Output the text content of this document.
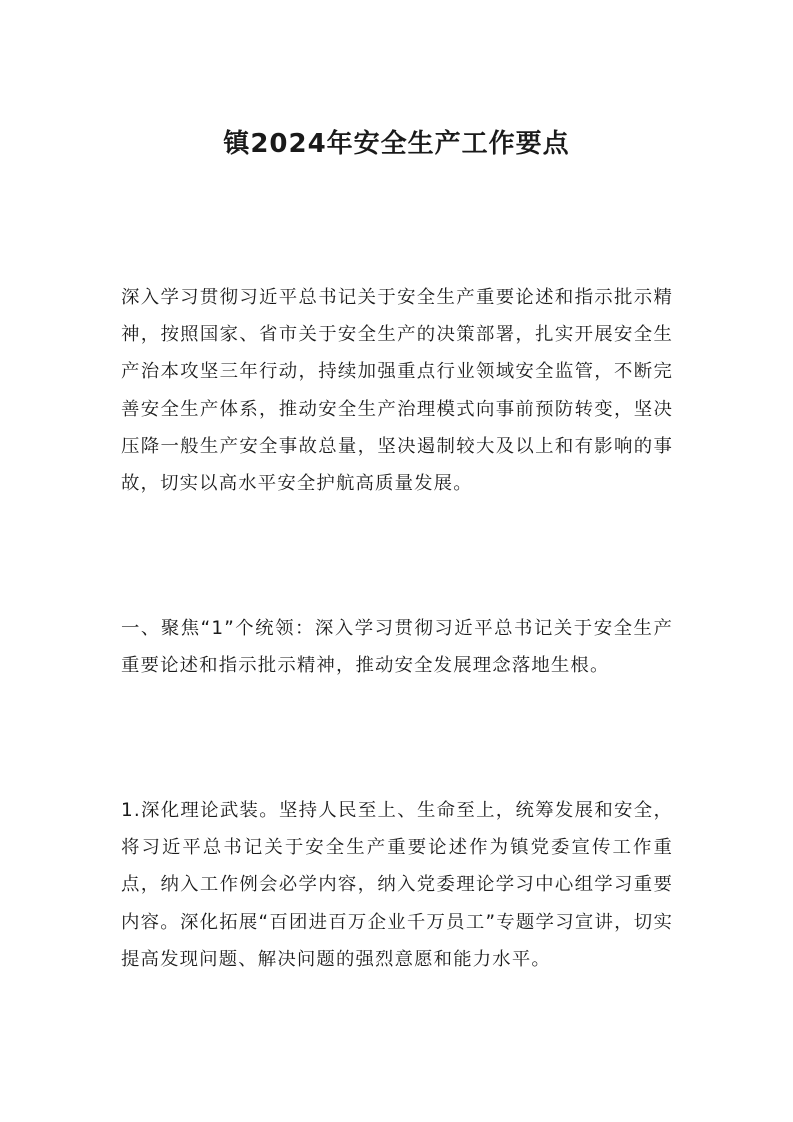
镇2024年安全生产工作要点

深入学习贯彻习近平总书记关于安全生产重要论述和指示批示精神，按照国家、省市关于安全生产的决策部署，扎实开展安全生产治本攻坚三年行动，持续加强重点行业领域安全监管，不断完善安全生产体系，推动安全生产治理模式向事前预防转变，坚决压降一般生产安全事故总量，坚决遏制较大及以上和有影响的事故，切实以高水平安全护航高质量发展。

一、聚焦“1”个统领：深入学习贯彻习近平总书记关于安全生产重要论述和指示批示精神，推动安全发展理念落地生根。

1.深化理论武装。坚持人民至上、生命至上，统筹发展和安全，将习近平总书记关于安全生产重要论述作为镇党委宣传工作重点，纳入工作例会必学内容，纳入党委理论学习中心组学习重要内容。深化拓展“百团进百万企业千万员工”专题学习宣讲，切实提高发现问题、解决问题的强烈意愿和能力水平。
